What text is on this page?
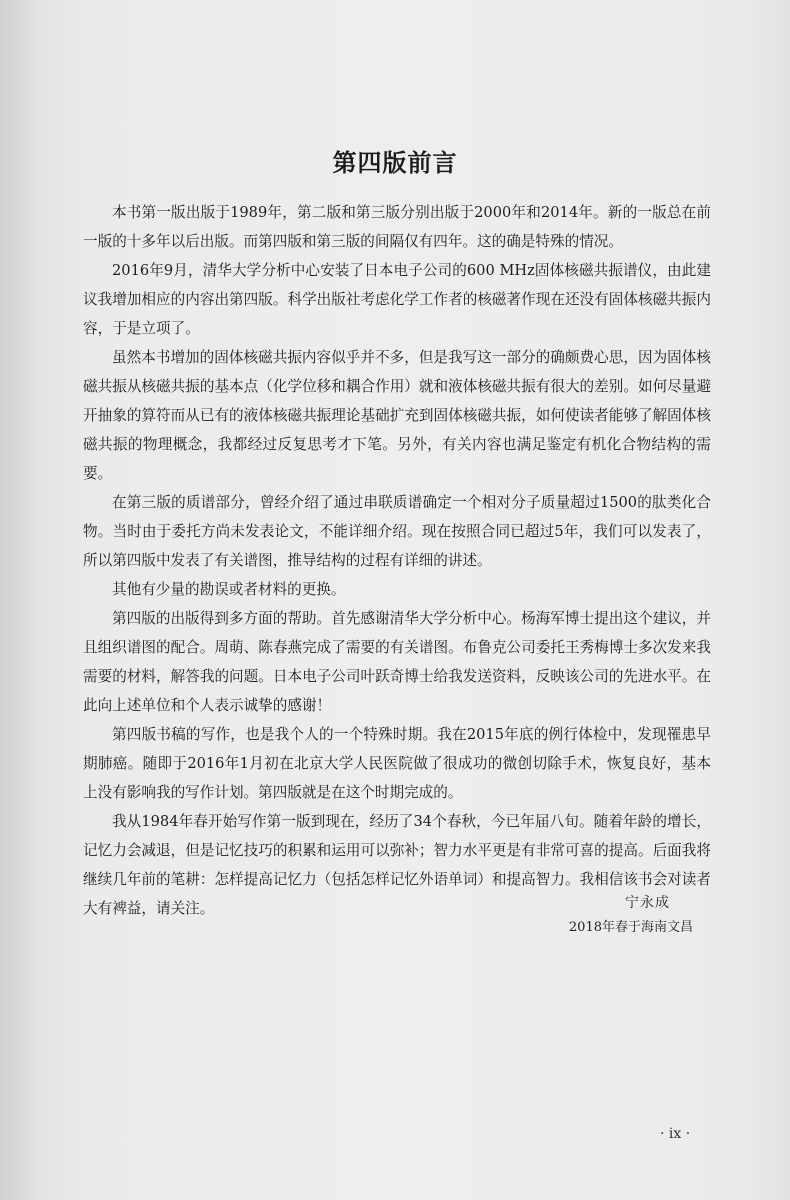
第四版前言

本书第一版出版于1989年，第二版和第三版分别出版于2000年和2014年。新的一版总在前一版的十多年以后出版。而第四版和第三版的间隔仅有四年。这的确是特殊的情况。

2016年9月，清华大学分析中心安装了日本电子公司的600 MHz固体核磁共振谱仪，由此建议我增加相应的内容出第四版。科学出版社考虑化学工作者的核磁著作现在还没有固体核磁共振内容，于是立项了。

虽然本书增加的固体核磁共振内容似乎并不多，但是我写这一部分的确颇费心思，因为固体核磁共振从核磁共振的基本点（化学位移和耦合作用）就和液体核磁共振有很大的差别。如何尽量避开抽象的算符而从已有的液体核磁共振理论基础扩充到固体核磁共振，如何使读者能够了解固体核磁共振的物理概念，我都经过反复思考才下笔。另外，有关内容也满足鉴定有机化合物结构的需要。

在第三版的质谱部分，曾经介绍了通过串联质谱确定一个相对分子质量超过1500的肽类化合物。当时由于委托方尚未发表论文，不能详细介绍。现在按照合同已超过5年，我们可以发表了，所以第四版中发表了有关谱图，推导结构的过程有详细的讲述。

其他有少量的勘误或者材料的更换。

第四版的出版得到多方面的帮助。首先感谢清华大学分析中心。杨海军博士提出这个建议，并且组织谱图的配合。周萌、陈春燕完成了需要的有关谱图。布鲁克公司委托王秀梅博士多次发来我需要的材料，解答我的问题。日本电子公司叶跃奇博士给我发送资料，反映该公司的先进水平。在此向上述单位和个人表示诚挚的感谢！

第四版书稿的写作，也是我个人的一个特殊时期。我在2015年底的例行体检中，发现罹患早期肺癌。随即于2016年1月初在北京大学人民医院做了很成功的微创切除手术，恢复良好，基本上没有影响我的写作计划。第四版就是在这个时期完成的。

我从1984年春开始写作第一版到现在，经历了34个春秋，今已年届八旬。随着年龄的增长，记忆力会减退，但是记忆技巧的积累和运用可以弥补；智力水平更是有非常可喜的提高。后面我将继续几年前的笔耕：怎样提高记忆力（包括怎样记忆外语单词）和提高智力。我相信该书会对读者大有裨益，请关注。	宁永成
2018年春于海南文昌
· ix ·
